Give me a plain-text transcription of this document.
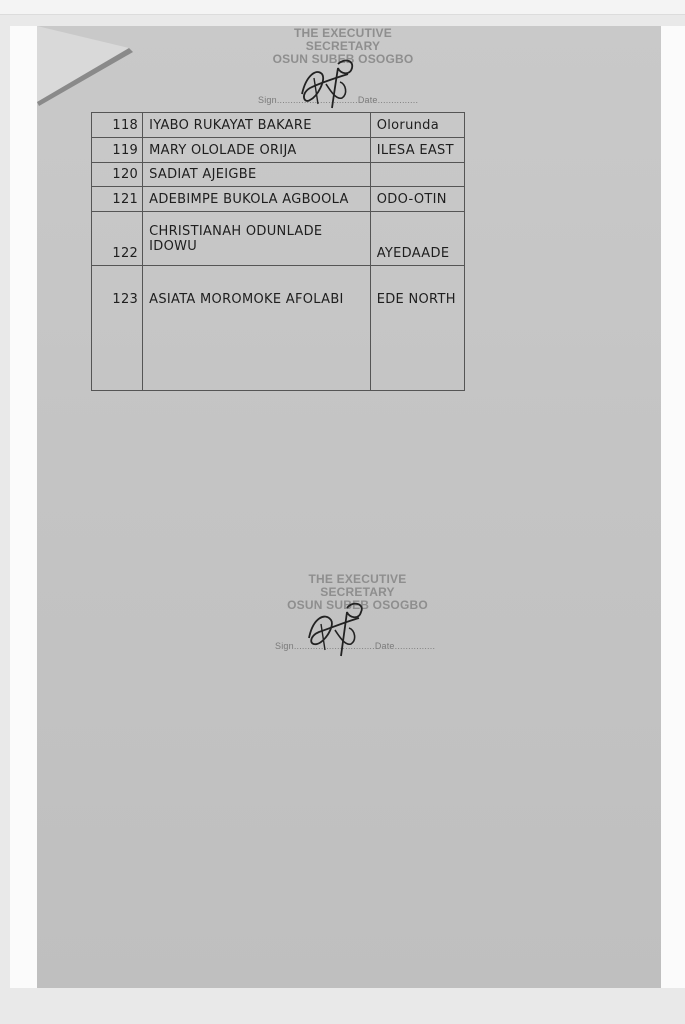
THE EXECUTIVE SECRETARY
OSUN SUBEB OSOGBO
Sign..............................Date...............
118	IYABO RUKAYAT BAKARE	Olorunda
119	MARY OLOLADE ORIJA	ILESA EAST
120	SADIAT AJEIGBE	
121	ADEBIMPE BUKOLA AGBOOLA	ODO-OTIN
122	CHRISTIANAH ODUNLADE IDOWU	AYEDAADE
123	ASIATA MOROMOKE AFOLABI	EDE NORTH
THE EXECUTIVE SECRETARY
OSUN SUBEB OSOGBO
Sign..............................Date...............
